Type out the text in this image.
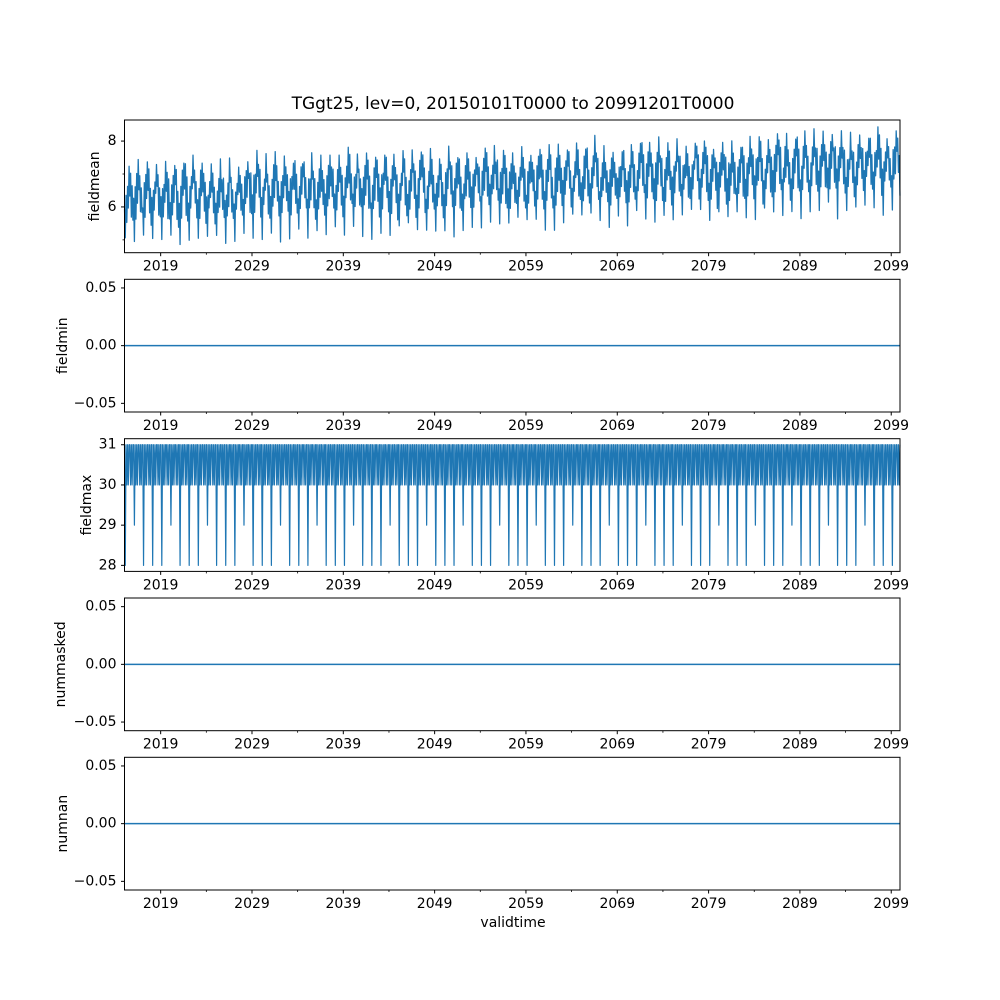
TGgt25, lev=0, 20150101T0000 to 20991201T0000
2019	2029	2039	2049	2059	2069	2079	2089	2099
8
6
fieldmean
2019	2029	2039	2049	2059	2069	2079	2089	2099
0.05
0.00
−0.05
fieldmin
2019	2029	2039	2049	2059	2069	2079	2089	2099
31
30
29
28
fieldmax
2019	2029	2039	2049	2059	2069	2079	2089	2099
0.05
0.00
−0.05
nummasked
2019	2029	2039	2049	2059	2069	2079	2089	2099
0.05
0.00
−0.05
numnan
validtime
